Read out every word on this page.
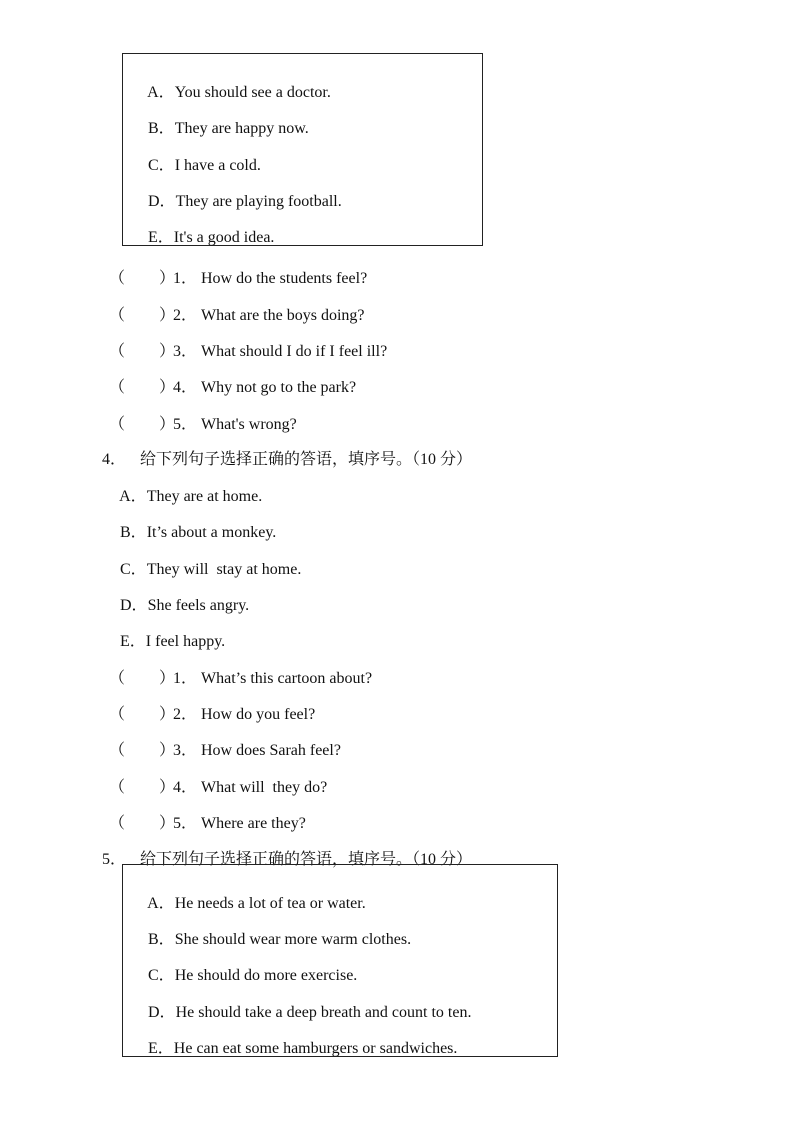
A．You should see a doctor.

B．They are happy now.

C．I have a cold.

D．They are playing football.

E．It's a good idea.

（ ）1． How do the students feel?

（ ）2． What are the boys doing?

（ ）3． What should I do if I feel ill?

（ ）4． Why not go to the park?

（ ）5． What's wrong?

4． 给下列句子选择正确的答语，填序号。（10 分）

A．They are at home.

B．It’s about a monkey.

C．They will  stay at home.

D．She feels angry.

E．I feel happy.

（ ）1． What’s this cartoon about?

（ ）2． How do you feel?

（ ）3． How does Sarah feel?

（ ）4． What will  they do?

（ ）5． Where are they?

5． 给下列句子选择正确的答语，填序号。（10 分）

A．He needs a lot of tea or water.

B．She should wear more warm clothes.

C．He should do more exercise.

D．He should take a deep breath and count to ten.

E．He can eat some hamburgers or sandwiches.
